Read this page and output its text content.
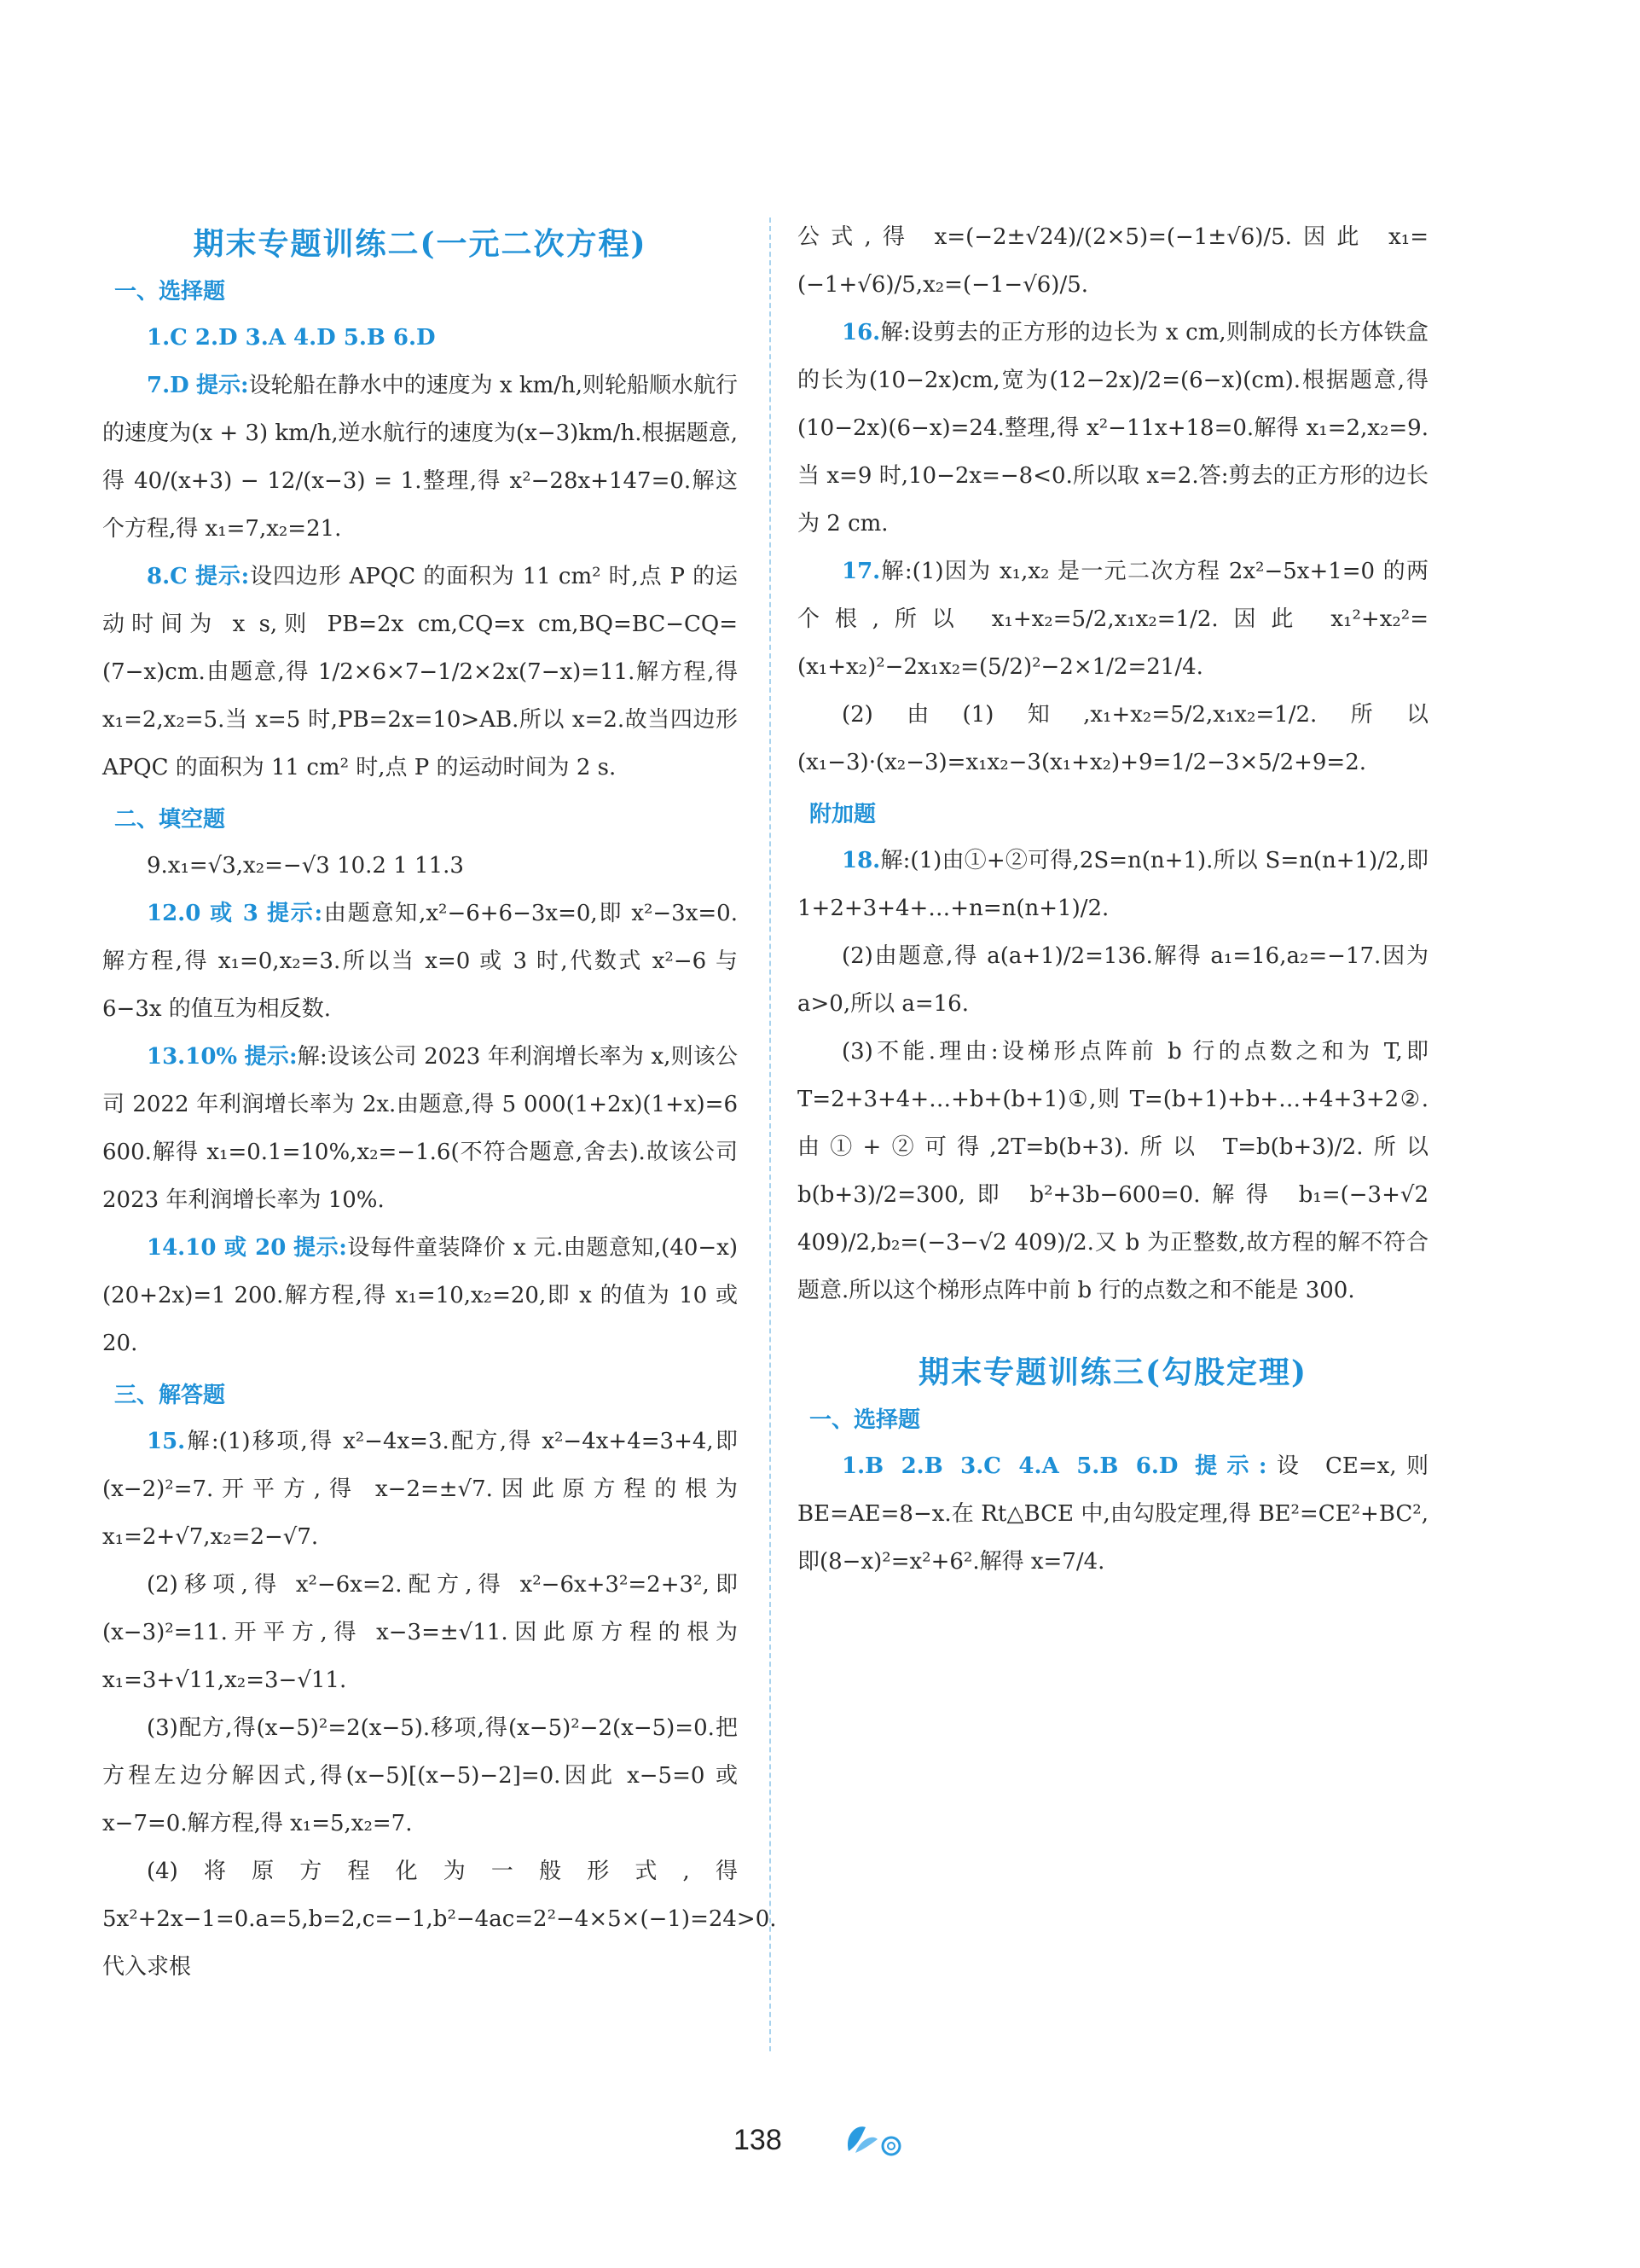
期末专题训练二(一元二次方程)
一、选择题

1.C 2.D 3.A 4.D 5.B 6.D

7.D 提示:设轮船在静水中的速度为 x km/h,则轮船顺水航行的速度为(x + 3) km/h,逆水航行的速度为(x−3)km/h.根据题意,得 40/(x+3) − 12/(x−3) = 1.整理,得 x²−28x+147=0.解这个方程,得 x₁=7,x₂=21.

8.C 提示:设四边形 APQC 的面积为 11 cm² 时,点 P 的运动时间为 x s,则 PB=2x cm,CQ=x cm,BQ=BC−CQ=(7−x)cm.由题意,得 1/2×6×7−1/2×2x(7−x)=11.解方程,得 x₁=2,x₂=5.当 x=5 时,PB=2x=10>AB.所以 x=2.故当四边形 APQC 的面积为 11 cm² 时,点 P 的运动时间为 2 s.

二、填空题

9.x₁=√3,x₂=−√3 10.2 1 11.3

12.0 或 3 提示:由题意知,x²−6+6−3x=0,即 x²−3x=0.解方程,得 x₁=0,x₂=3.所以当 x=0 或 3 时,代数式 x²−6 与 6−3x 的值互为相反数.

13.10% 提示:解:设该公司 2023 年利润增长率为 x,则该公司 2022 年利润增长率为 2x.由题意,得 5 000(1+2x)(1+x)=6 600.解得 x₁=0.1=10%,x₂=−1.6(不符合题意,舍去).故该公司 2023 年利润增长率为 10%.

14.10 或 20 提示:设每件童装降价 x 元.由题意知,(40−x)(20+2x)=1 200.解方程,得 x₁=10,x₂=20,即 x 的值为 10 或 20.

三、解答题

15.解:(1)移项,得 x²−4x=3.配方,得 x²−4x+4=3+4,即(x−2)²=7.开平方,得 x−2=±√7.因此原方程的根为 x₁=2+√7,x₂=2−√7.

(2)移项,得 x²−6x=2.配方,得 x²−6x+3²=2+3²,即(x−3)²=11.开平方,得 x−3=±√11.因此原方程的根为 x₁=3+√11,x₂=3−√11.

(3)配方,得(x−5)²=2(x−5).移项,得(x−5)²−2(x−5)=0.把方程左边分解因式,得(x−5)[(x−5)−2]=0.因此 x−5=0 或 x−7=0.解方程,得 x₁=5,x₂=7.

(4)将原方程化为一般形式,得 5x²+2x−1=0.a=5,b=2,c=−1,b²−4ac=2²−4×5×(−1)=24>0.代入求根

公式,得 x=(−2±√24)/(2×5)=(−1±√6)/5.因此 x₁=(−1+√6)/5,x₂=(−1−√6)/5.

16.解:设剪去的正方形的边长为 x cm,则制成的长方体铁盒的长为(10−2x)cm,宽为(12−2x)/2=(6−x)(cm).根据题意,得(10−2x)(6−x)=24.整理,得 x²−11x+18=0.解得 x₁=2,x₂=9.当 x=9 时,10−2x=−8<0.所以取 x=2.答:剪去的正方形的边长为 2 cm.

17.解:(1)因为 x₁,x₂ 是一元二次方程 2x²−5x+1=0 的两个根,所以 x₁+x₂=5/2,x₁x₂=1/2.因此 x₁²+x₂²=(x₁+x₂)²−2x₁x₂=(5/2)²−2×1/2=21/4.

(2)由(1)知,x₁+x₂=5/2,x₁x₂=1/2.所以(x₁−3)·(x₂−3)=x₁x₂−3(x₁+x₂)+9=1/2−3×5/2+9=2.

附加题

18.解:(1)由①+②可得,2S=n(n+1).所以 S=n(n+1)/2,即 1+2+3+4+…+n=n(n+1)/2.

(2)由题意,得 a(a+1)/2=136.解得 a₁=16,a₂=−17.因为 a>0,所以 a=16.

(3)不能.理由:设梯形点阵前 b 行的点数之和为 T,即 T=2+3+4+…+b+(b+1)①,则 T=(b+1)+b+…+4+3+2②.由①+②可得,2T=b(b+3).所以 T=b(b+3)/2.所以 b(b+3)/2=300,即 b²+3b−600=0.解得 b₁=(−3+√2 409)/2,b₂=(−3−√2 409)/2.又 b 为正整数,故方程的解不符合题意.所以这个梯形点阵中前 b 行的点数之和不能是 300.

期末专题训练三(勾股定理)
一、选择题

1.B 2.B 3.C 4.A 5.B 6.D 提示:设 CE=x,则 BE=AE=8−x.在 Rt△BCE 中,由勾股定理,得 BE²=CE²+BC²,即(8−x)²=x²+6².解得 x=7/4.

138
